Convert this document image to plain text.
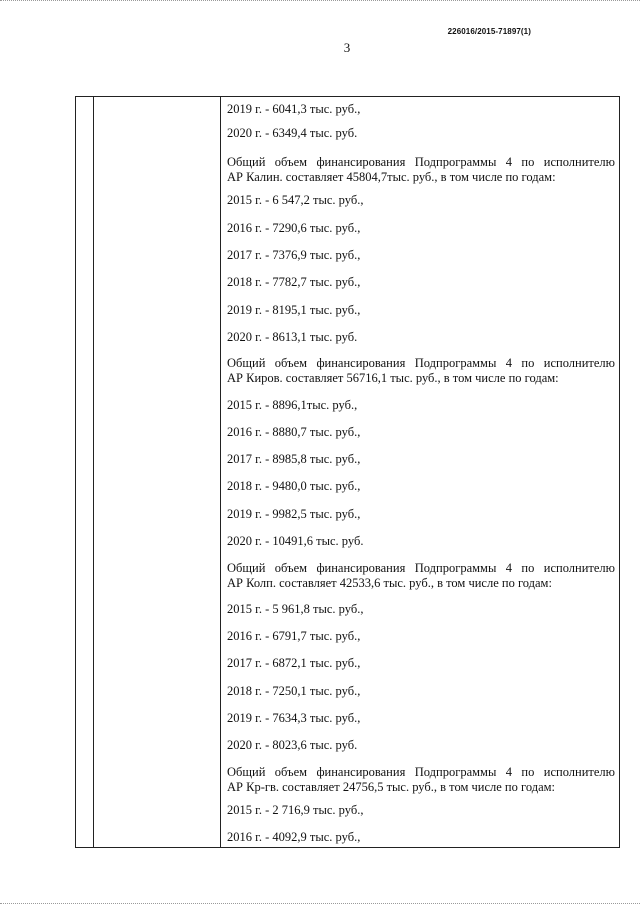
226016/2015-71897(1)
3
2019 г. - 6041,3 тыс. руб.,
2020 г. - 6349,4 тыс. руб.
Общий объем финансирования Подпрограммы 4 по исполнителю
АР Калин. составляет 45804,7тыс. руб., в том числе по годам:
2015 г. - 6 547,2 тыс. руб.,
2016 г. - 7290,6 тыс. руб.,
2017 г. - 7376,9 тыс. руб.,
2018 г. - 7782,7 тыс. руб.,
2019 г. - 8195,1 тыс. руб.,
2020 г. - 8613,1 тыс. руб.
Общий объем финансирования Подпрограммы 4 по исполнителю
АР Киров. составляет 56716,1 тыс. руб., в том числе по годам:
2015 г. - 8896,1тыс. руб.,
2016 г. - 8880,7 тыс. руб.,
2017 г. - 8985,8 тыс. руб.,
2018 г. - 9480,0 тыс. руб.,
2019 г. - 9982,5 тыс. руб.,
2020 г. - 10491,6 тыс. руб.
Общий объем финансирования Подпрограммы 4 по исполнителю
АР Колп. составляет 42533,6 тыс. руб., в том числе по годам:
2015 г. - 5 961,8 тыс. руб.,
2016 г. - 6791,7 тыс. руб.,
2017 г. - 6872,1 тыс. руб.,
2018 г. - 7250,1 тыс. руб.,
2019 г. - 7634,3 тыс. руб.,
2020 г. - 8023,6 тыс. руб.
Общий объем финансирования Подпрограммы 4 по исполнителю
АР Кр-гв. составляет 24756,5 тыс. руб., в том числе по годам:
2015 г. - 2 716,9 тыс. руб.,
2016 г. - 4092,9 тыс. руб.,
